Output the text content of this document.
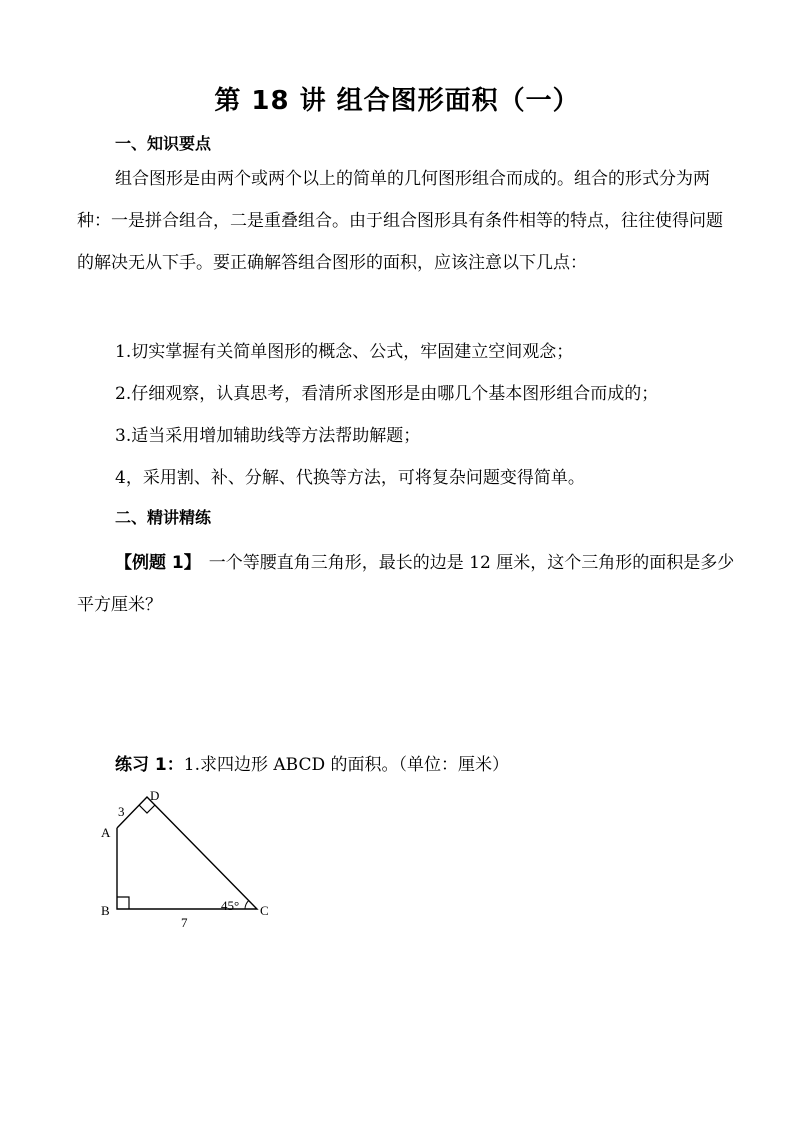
第 18 讲 组合图形面积（一）
一、知识要点
组合图形是由两个或两个以上的简单的几何图形组合而成的。组合的形式分为两种：一是拼合组合，二是重叠组合。由于组合图形具有条件相等的特点，往往使得问题的解决无从下手。要正确解答组合图形的面积，应该注意以下几点：
1.切实掌握有关简单图形的概念、公式，牢固建立空间观念；
2.仔细观察，认真思考，看清所求图形是由哪几个基本图形组合而成的；
3.适当采用增加辅助线等方法帮助解题；
4，采用割、补、分解、代换等方法，可将复杂问题变得简单。
二、精讲精练
【例题 1】 一个等腰直角三角形，最长的边是 12 厘米，这个三角形的面积是多少平方厘米？
练习 1：1.求四边形 ABCD 的面积。（单位：厘米）
A
B	C
D
3
7
45°
